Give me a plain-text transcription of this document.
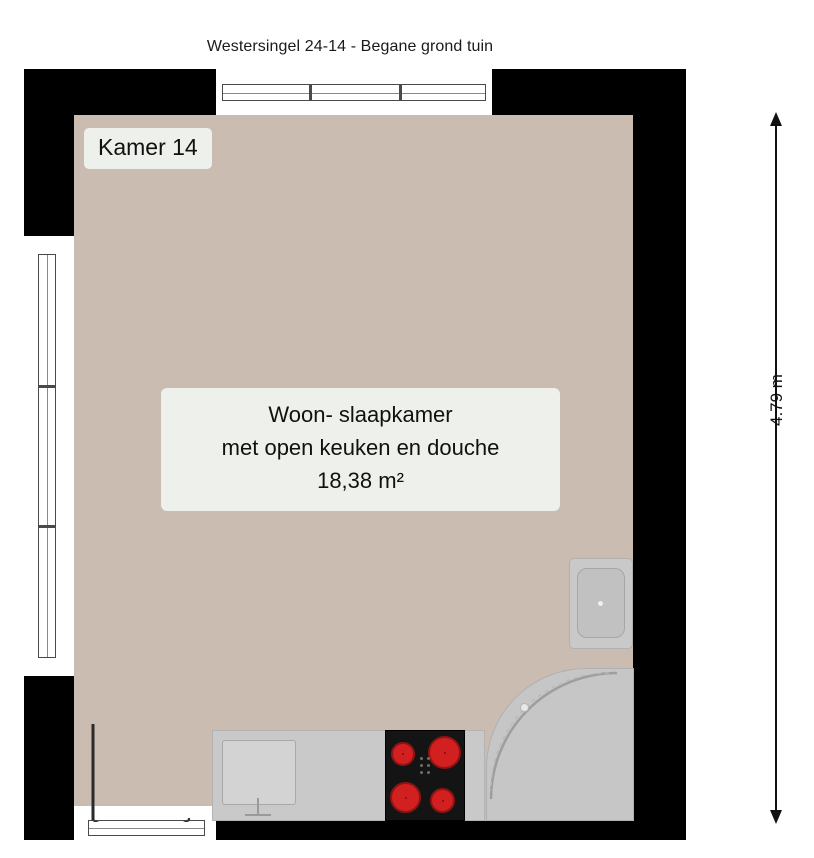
Westersingel 24-14 - Begane grond tuin
Kamer 14
Woon- slaapkamer
met open keuken en douche
18,38 m²
4.79 m
